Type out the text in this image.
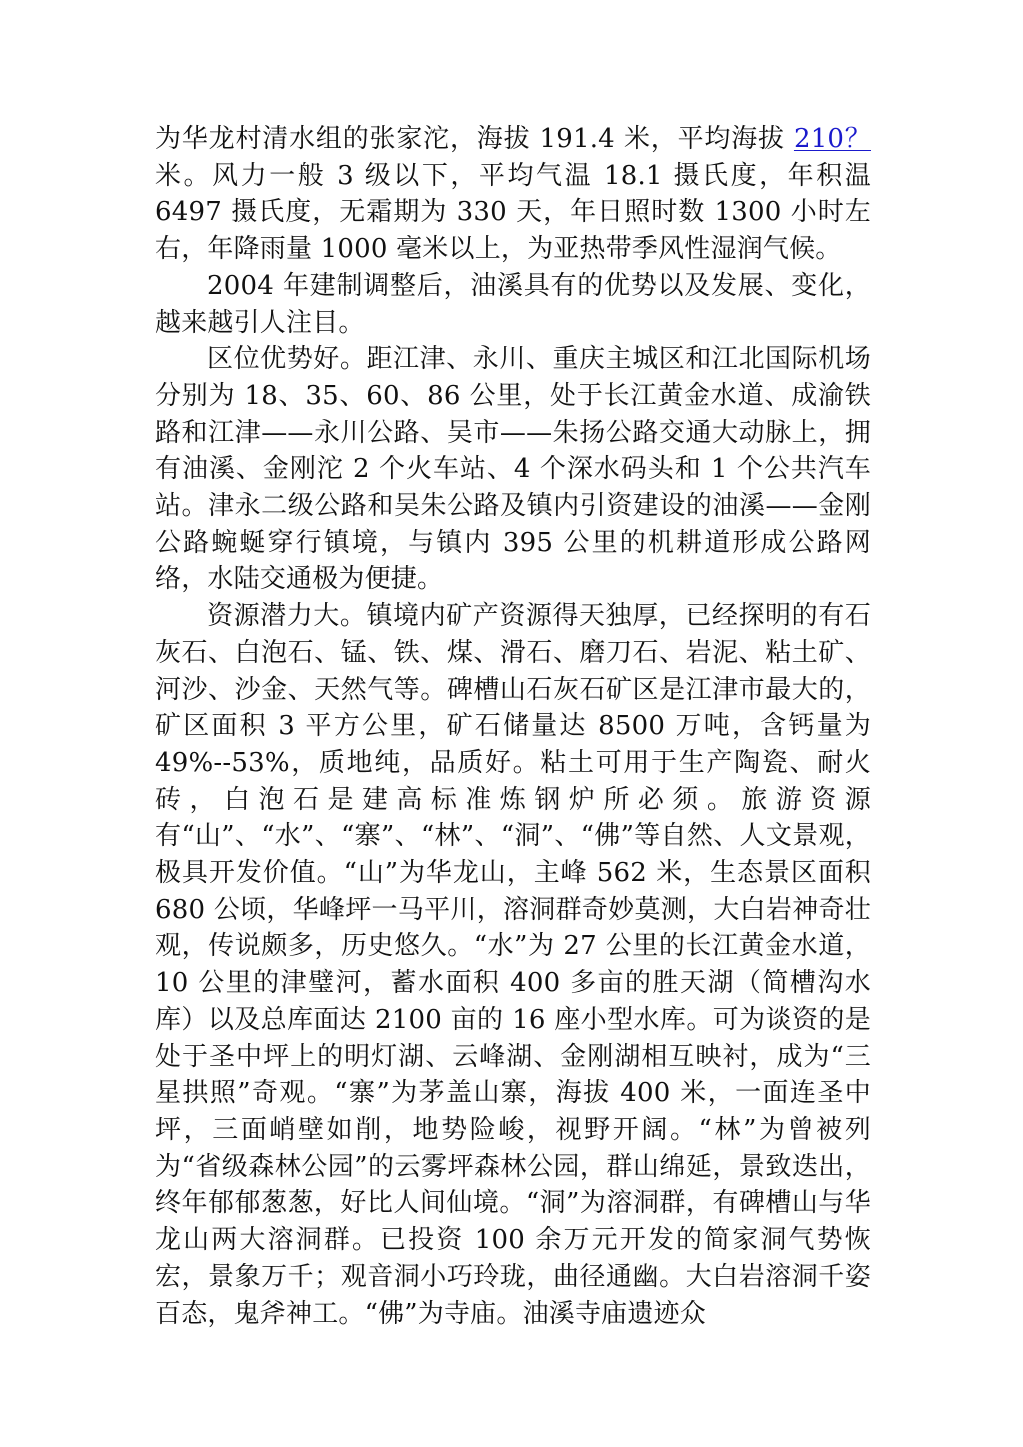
为华龙村清水组的张家沱，海拔 191.4 米，平均海拔 210？米。风力一般 3 级以下，平均气温 18.1 摄氏度，年积温 6497 摄氏度，无霜期为 330 天，年日照时数 1300 小时左右，年降雨量 1000 毫米以上，为亚热带季风性湿润气候。

2004 年建制调整后，油溪具有的优势以及发展、变化，越来越引人注目。

区位优势好。距江津、永川、重庆主城区和江北国际机场分别为 18、35、60、86 公里，处于长江黄金水道、成渝铁路和江津——永川公路、吴市——朱扬公路交通大动脉上，拥有油溪、金刚沱 2 个火车站、4 个深水码头和 1 个公共汽车站。津永二级公路和吴朱公路及镇内引资建设的油溪——金刚公路蜿蜒穿行镇境，与镇内 395 公里的机耕道形成公路网络，水陆交通极为便捷。

资源潜力大。镇境内矿产资源得天独厚，已经探明的有石灰石、白泡石、锰、铁、煤、滑石、磨刀石、岩泥、粘土矿、河沙、沙金、天然气等。碑槽山石灰石矿区是江津市最大的，矿区面积 3 平方公里，矿石储量达 8500 万吨，含钙量为 49%--53%，质地纯，品质好。粘土可用于生产陶瓷、耐火砖，白泡石是建高标准炼钢炉所必须。旅游资源有“山”、“水”、“寨”、“林”、“洞”、“佛”等自然、人文景观，极具开发价值。“山”为华龙山，主峰 562 米，生态景区面积 680 公顷，华峰坪一马平川，溶洞群奇妙莫测，大白岩神奇壮观，传说颇多，历史悠久。“水”为 27 公里的长江黄金水道，10 公里的津璧河，蓄水面积 400 多亩的胜天湖（简槽沟水库）以及总库面达 2100 亩的 16 座小型水库。可为谈资的是处于圣中坪上的明灯湖、云峰湖、金刚湖相互映衬，成为“三星拱照”奇观。“寨”为茅盖山寨，海拔 400 米，一面连圣中坪，三面峭壁如削，地势险峻，视野开阔。“林”为曾被列为“省级森林公园”的云雾坪森林公园，群山绵延，景致迭出，终年郁郁葱葱，好比人间仙境。“洞”为溶洞群，有碑槽山与华龙山两大溶洞群。已投资 100 余万元开发的简家洞气势恢宏，景象万千；观音洞小巧玲珑，曲径通幽。大白岩溶洞千姿百态，鬼斧神工。“佛”为寺庙。油溪寺庙遗迹众
